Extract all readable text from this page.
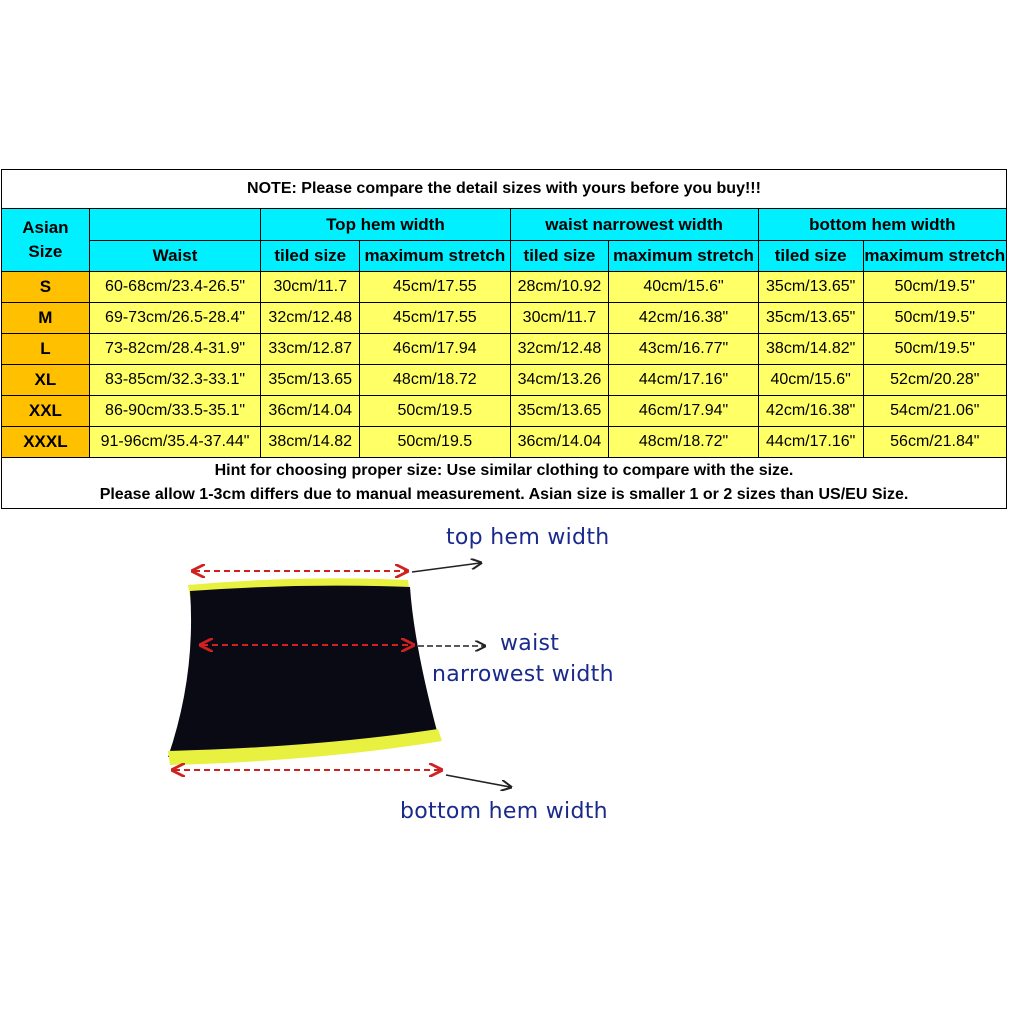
NOTE: Please compare the detail sizes with yours before you buy!!!							
Asian
Size		Top hem width		waist narrowest width		bottom hem width	
	Waist	tiled size	maximum stretch	tiled size	maximum stretch	tiled size	maximum stretch
S	60-68cm/23.4-26.5"	30cm/11.7	45cm/17.55	28cm/10.92	40cm/15.6"	35cm/13.65"	50cm/19.5"
M	69-73cm/26.5-28.4"	32cm/12.48	45cm/17.55	30cm/11.7	42cm/16.38"	35cm/13.65"	50cm/19.5"
L	73-82cm/28.4-31.9"	33cm/12.87	46cm/17.94	32cm/12.48	43cm/16.77"	38cm/14.82"	50cm/19.5"
XL	83-85cm/32.3-33.1"	35cm/13.65	48cm/18.72	34cm/13.26	44cm/17.16"	40cm/15.6"	52cm/20.28"
XXL	86-90cm/33.5-35.1"	36cm/14.04	50cm/19.5	35cm/13.65	46cm/17.94"	42cm/16.38"	54cm/21.06"
XXXL	91-96cm/35.4-37.44"	38cm/14.82	50cm/19.5	36cm/14.04	48cm/18.72"	44cm/17.16"	56cm/21.84"
Hint for choosing proper size: Use similar clothing to compare with the size.
Please allow 1-3cm differs due to manual measurement. Asian size is smaller 1 or 2 sizes than US/EU Size.							
top hem width
waist
narrowest width
bottom hem width
